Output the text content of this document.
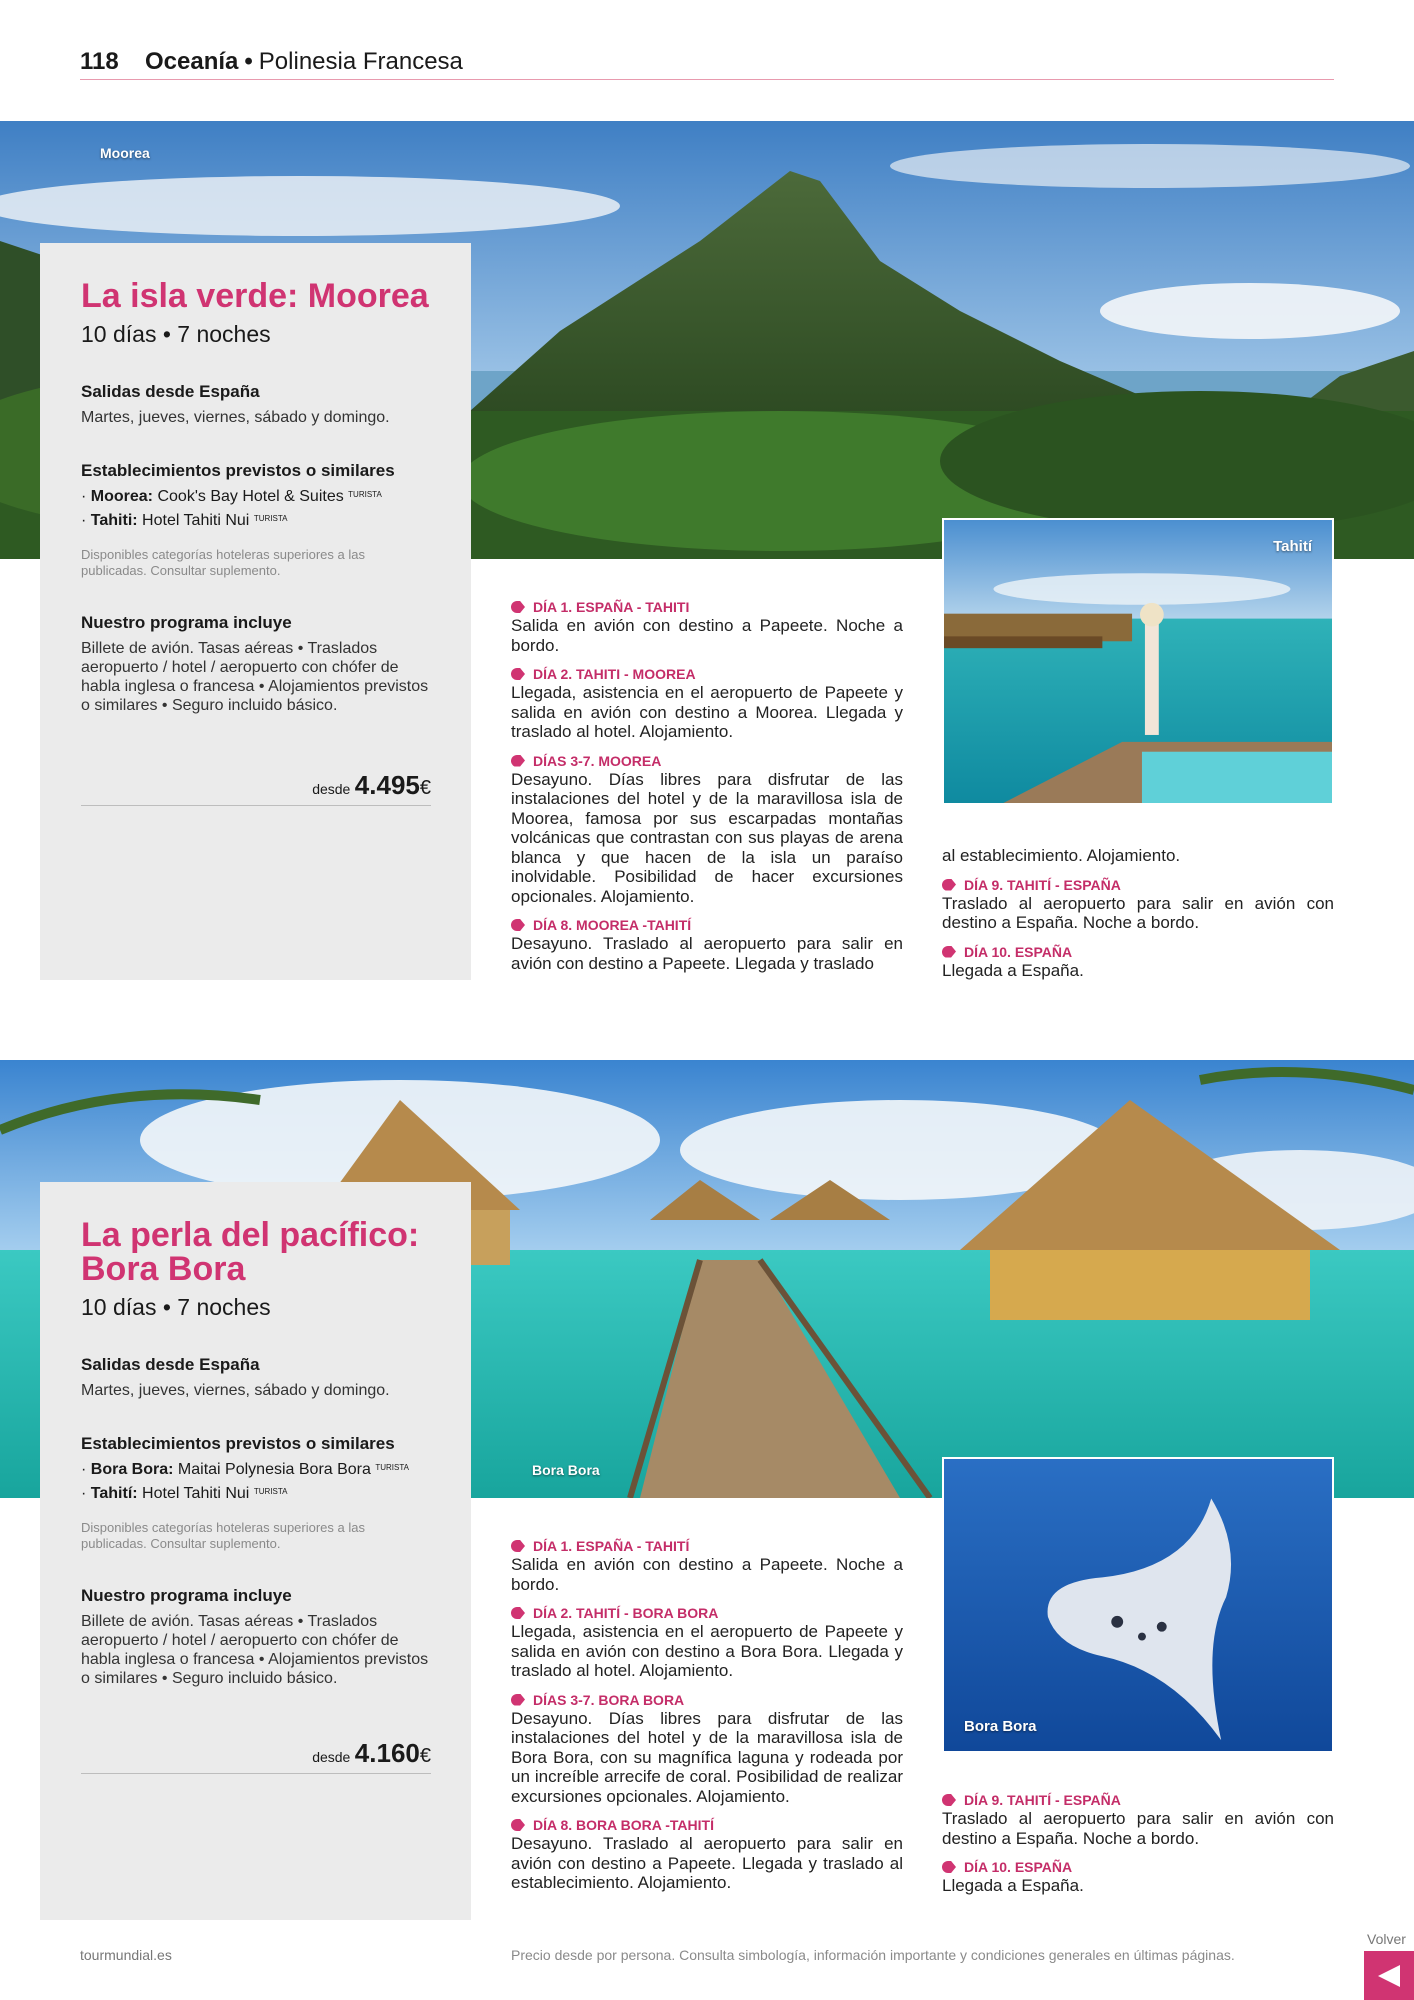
118 Oceanía • Polinesia Francesa
Moorea
La isla verde: Moorea
10 días • 7 noches
Salidas desde España

Martes, jueves, viernes, sábado y domingo.

Establecimientos previstos o similares
· Moorea: Cook's Bay Hotel & Suites $^{TURISTA}$
· Tahiti: Hotel Tahiti Nui $^{TURISTA}$
Disponibles categorías hoteleras superiores a las publicadas. Consultar suplemento.
Nuestro programa incluye

Billete de avión. Tasas aéreas • Traslados aeropuerto / hotel / aeropuerto con chófer de habla inglesa o francesa • Alojamientos previstos o similares • Seguro incluido básico.

desde 4.495€
DÍA 1. ESPAÑA - TAHITI
Salida en avión con destino a Papeete. Noche a bordo.
DÍA 2. TAHITI - MOOREA
Llegada, asistencia en el aeropuerto de Papeete y salida en avión con destino a Moorea. Llegada y traslado al hotel. Alojamiento.
DÍAS 3-7. MOOREA
Desayuno. Días libres para disfrutar de las instalaciones del hotel y de la maravillosa isla de Moorea, famosa por sus escarpadas montañas volcánicas que contrastan con sus playas de arena blanca y que hacen de la isla un paraíso inolvidable. Posibilidad de hacer excursiones opcionales. Alojamiento.
DÍA 8. MOOREA -TAHITÍ
Desayuno. Traslado al aeropuerto para salir en avión con destino a Papeete. Llegada y traslado
Tahití
al establecimiento. Alojamiento.
DÍA 9. TAHITÍ - ESPAÑA
Traslado al aeropuerto para salir en avión con destino a España. Noche a bordo.
DÍA 10. ESPAÑA
Llegada a España.
Bora Bora
La perla del pacífico:
Bora Bora
10 días • 7 noches
Salidas desde España

Martes, jueves, viernes, sábado y domingo.

Establecimientos previstos o similares
· Bora Bora: Maitai Polynesia Bora Bora $^{TURISTA}$
· Tahití: Hotel Tahiti Nui $^{TURISTA}$
Disponibles categorías hoteleras superiores a las publicadas. Consultar suplemento.
Nuestro programa incluye

Billete de avión. Tasas aéreas • Traslados aeropuerto / hotel / aeropuerto con chófer de habla inglesa o francesa • Alojamientos previstos o similares • Seguro incluido básico.

desde 4.160€
DÍA 1. ESPAÑA - TAHITÍ
Salida en avión con destino a Papeete. Noche a bordo.
DÍA 2. TAHITÍ - BORA BORA
Llegada, asistencia en el aeropuerto de Papeete y salida en avión con destino a Bora Bora. Llegada y traslado al hotel. Alojamiento.
DÍAS 3-7. BORA BORA
Desayuno. Días libres para disfrutar de las instalaciones del hotel y de la maravillosa isla de Bora Bora, con su magnífica laguna y rodeada por un increíble arrecife de coral. Posibilidad de realizar excursiones opcionales. Alojamiento.
DÍA 8. BORA BORA -TAHITÍ
Desayuno. Traslado al aeropuerto para salir en avión con destino a Papeete. Llegada y traslado al establecimiento. Alojamiento.
Bora Bora
DÍA 9. TAHITÍ - ESPAÑA
Traslado al aeropuerto para salir en avión con destino a España. Noche a bordo.
DÍA 10. ESPAÑA
Llegada a España.
tourmundial.es	Precio desde por persona. Consulta simbología, información importante y condiciones generales en últimas páginas.
Volver
